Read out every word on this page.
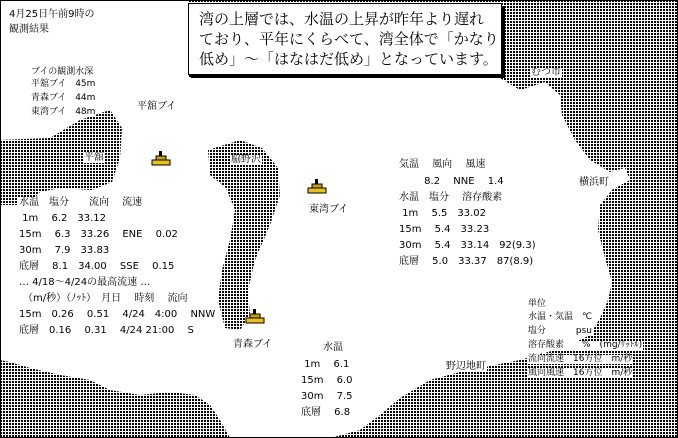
4月25日午前9時の
観測結果
湾の上層では、水温の上昇が昨年より遅れ
ており、平年にくらべて、湾全体で「かなり
低め」～「はなはだ低め」となっています。
ブイの観測水深
平舘ブイ　45m
青森ブイ　44m
東湾ブイ　48m
むつ市
平舘	脇野沢
横浜町
野辺地町
平舘ブイ
東湾ブイ
青森ブイ
水温　塩分　　流向　 流速
1m　 6.2　33.12
15m　 6.3　33.26　 ENE　 0.02
30m　 7.9　33.83
底層　 8.1　34.00　 SSE　 0.15
… 4/18～4/24の最高流速 …
（m/秒）（ﾉｯﾄ）　月日　 時刻　 流向
15m　0.26　 0.51　 4/24　4:00　 NNW
底層　0.16　 0.31　 4/24 21:00　 S
気温　 風向　 風速
　 8.2　 NNE　 1.4
水温　塩分　 溶存酸素
1m　 5.5　33.02
15m　 5.4　33.23
30m　 5.4　33.14　92(9.3)
底層　 5.0　33.37　87(8.9)
水温
1m　 6.1
15m　 6.0
30m　 7.5
底層　 6.8
単位
水温・気温　℃
塩分　　　 psu
溶存酸素　　%　(mg/ﾘｯﾄﾙ)
流向流速　16方位　m/秒
風向風速　16方位　m/秒
